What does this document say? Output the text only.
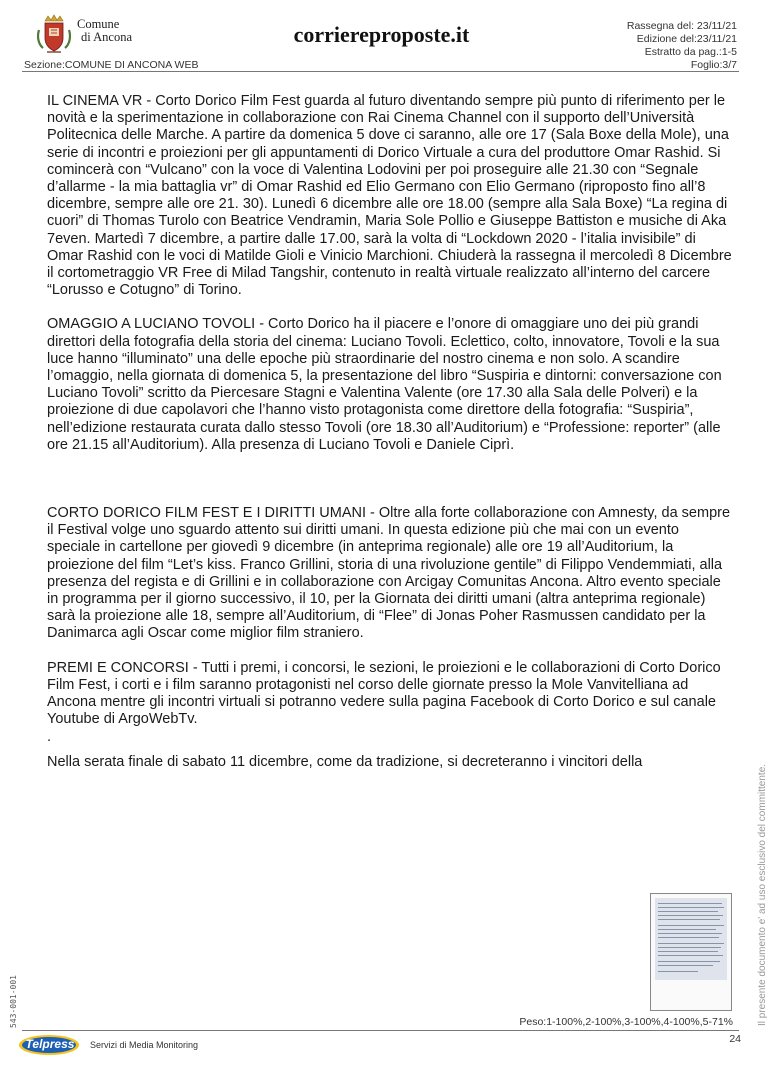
Comune
di Ancona	corriereproposte.it	Rassegna del: 23/11/21
Edizione del:23/11/21
Estratto da pag.:1-5
Foglio:3/7
Sezione:COMUNE DI ANCONA WEB

IL CINEMA VR - Corto Dorico Film Fest guarda al futuro diventando sempre più punto di riferimento per le novità e la sperimentazione in collaborazione con Rai Cinema Channel con il supporto dell’Università Politecnica delle Marche. A partire da domenica 5 dove ci saranno, alle ore 17 (Sala Boxe della Mole), una serie di incontri e proiezioni per gli appuntamenti di Dorico Virtuale a cura del produttore Omar Rashid. Si comincerà con “Vulcano” con la voce di Valentina Lodovini per poi proseguire alle 21.30 con “Segnale d’allarme - la mia battaglia vr” di Omar Rashid ed Elio Germano con Elio Germano (riproposto fino all’8 dicembre, sempre alle ore 21. 30). Lunedì 6 dicembre alle ore 18.00 (sempre alla Sala Boxe) “La regina di cuori” di Thomas Turolo con Beatrice Vendramin, Maria Sole Pollio e Giuseppe Battiston e musiche di Aka 7even. Martedì 7 dicembre, a partire dalle 17.00, sarà la volta di “Lockdown 2020 - l’italia invisibile” di Omar Rashid con le voci di Matilde Gioli e Vinicio Marchioni. Chiuderà la rassegna il mercoledì 8 Dicembre il cortometraggio VR Free di Milad Tangshir, contenuto in realtà virtuale realizzato all’interno del carcere “Lorusso e Cotugno” di Torino.

OMAGGIO A LUCIANO TOVOLI - Corto Dorico ha il piacere e l’onore di omaggiare uno dei più grandi direttori della fotografia della storia del cinema: Luciano Tovoli. Eclettico, colto, innovatore, Tovoli e la sua luce hanno “illuminato” una delle epoche più straordinarie del nostro cinema e non solo. A scandire l’omaggio, nella giornata di domenica 5, la presentazione del libro “Suspiria e dintorni: conversazione con Luciano Tovoli” scritto da Piercesare Stagni e Valentina Valente (ore 17.30 alla Sala delle Polveri) e la proiezione di due capolavori che l’hanno visto protagonista come direttore della fotografia: “Suspiria”, nell’edizione restaurata curata dallo stesso Tovoli (ore 18.30 all’Auditorium) e “Professione: reporter” (alle ore 21.15 all’Auditorium). Alla presenza di Luciano Tovoli e Daniele Ciprì.

CORTO DORICO FILM FEST E I DIRITTI UMANI - Oltre alla forte collaborazione con Amnesty, da sempre il Festival volge uno sguardo attento sui diritti umani. In questa edizione più che mai con un evento speciale in cartellone per giovedì 9 dicembre (in anteprima regionale) alle ore 19 all’Auditorium, la proiezione del film “Let’s kiss. Franco Grillini, storia di una rivoluzione gentile” di Filippo Vendemmiati, alla presenza del regista e di Grillini e in collaborazione con Arcigay Comunitas Ancona. Altro evento speciale in programma per il giorno successivo, il 10, per la Giornata dei diritti umani (altra anteprima regionale) sarà la proiezione alle 18, sempre all’Auditorium, di “Flee” di Jonas Poher Rasmussen candidato per la Danimarca agli Oscar come miglior film straniero.

PREMI E CONCORSI - Tutti i premi, i concorsi, le sezioni, le proiezioni e le collaborazioni di Corto Dorico Film Fest, i corti e i film saranno protagonisti nel corso delle giornate presso la Mole Vanvitelliana ad Ancona mentre gli incontri virtuali si potranno vedere sulla pagina Facebook di Corto Dorico e sul canale Youtube di ArgoWebTv.

.

Nella serata finale di sabato 11 dicembre, come da tradizione, si decreteranno i vincitori della

Il presente documento e' ad uso esclusivo del committente.
543-001-001	Peso:1-100%,2-100%,3-100%,4-100%,5-71%
24
Telpress	Servizi di Media Monitoring
